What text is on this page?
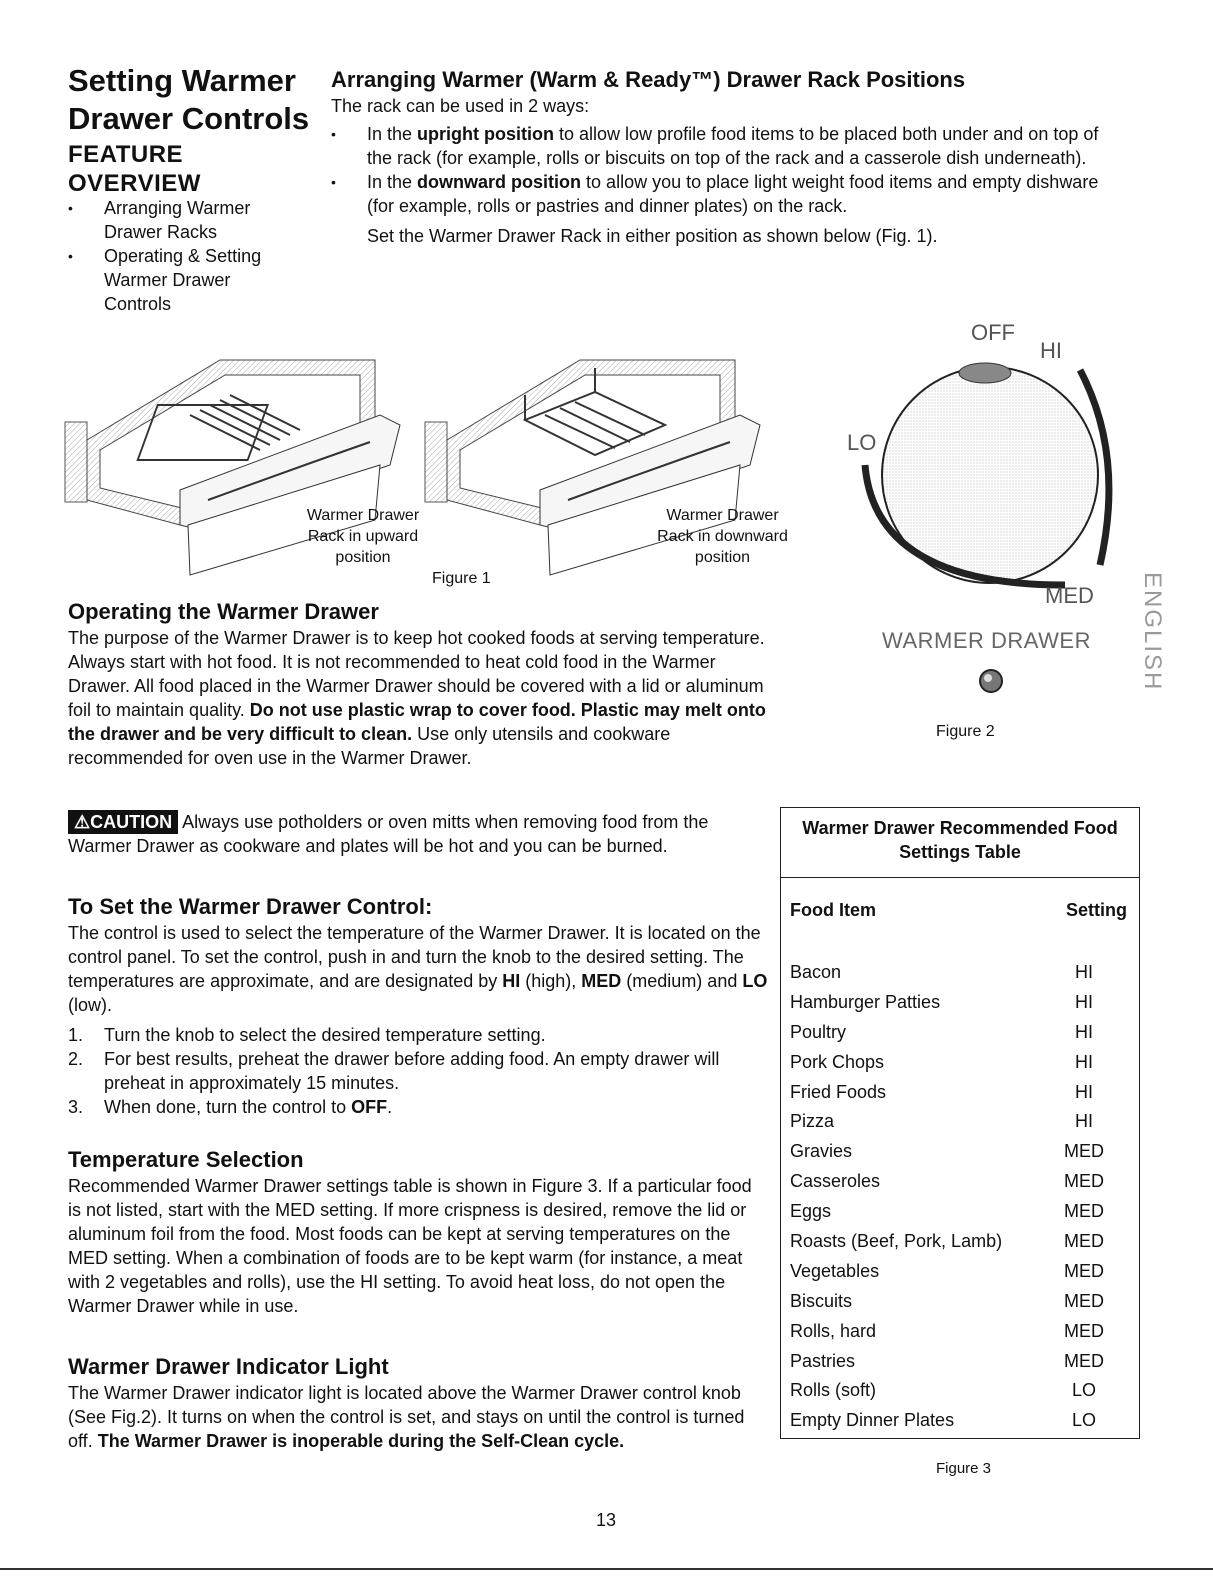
Setting Warmer
Drawer Controls
FEATURE
OVERVIEW
• Arranging Warmer
Drawer Racks
• Operating & Setting
Warmer Drawer
Controls
Arranging Warmer (Warm & Ready™) Drawer Rack Positions
The rack can be used in 2 ways:
• In the upright position to allow low profile food items to be placed both under and on top of the rack (for example, rolls or biscuits on top of the rack and a casserole dish underneath).
• In the downward position to allow you to place light weight food items and empty dishware (for example, rolls or pastries and dinner plates) on the rack.
Set the Warmer Drawer Rack in either position as shown below (Fig. 1).
Warmer Drawer
Rack in upward
position
Warmer Drawer
Rack in downward
position
Figure 1
OFF
HI
LO
MED
WARMER DRAWER
Figure 2
ENGLISH
Operating the Warmer Drawer

The purpose of the Warmer Drawer is to keep hot cooked foods at serving temperature. Always start with hot food. It is not recommended to heat cold food in the Warmer Drawer. All food placed in the Warmer Drawer should be covered with a lid or aluminum foil to maintain quality. Do not use plastic wrap to cover food. Plastic may melt onto the drawer and be very difficult to clean. Use only utensils and cookware recommended for oven use in the Warmer Drawer.

⚠CAUTION Always use potholders or oven mitts when removing food from the Warmer Drawer as cookware and plates will be hot and you can be burned.
To Set the Warmer Drawer Control:

The control is used to select the temperature of the Warmer Drawer. It is located on the control panel. To set the control, push in and turn the knob to the desired setting. The temperatures are approximate, and are designated by HI (high), MED (medium) and LO (low).

1. Turn the knob to select the desired temperature setting.
2. For best results, preheat the drawer before adding food. An empty drawer will preheat in approximately 15 minutes.
3. When done, turn the control to OFF.
Temperature Selection

Recommended Warmer Drawer settings table is shown in Figure 3. If a particular food is not listed, start with the MED setting. If more crispness is desired, remove the lid or aluminum foil from the food. Most foods can be kept at serving temperatures on the MED setting. When a combination of foods are to be kept warm (for instance, a meat with 2 vegetables and rolls), use the HI setting. To avoid heat loss, do not open the Warmer Drawer while in use.

Warmer Drawer Indicator Light

The Warmer Drawer indicator light is located above the Warmer Drawer control knob (See Fig.2). It turns on when the control is set, and stays on until the control is turned off. The Warmer Drawer is inoperable during the Self-Clean cycle.

Warmer Drawer Recommended Food
Settings Table
Food Item	Setting
Bacon	HI
Hamburger Patties	HI
Poultry	HI
Pork Chops	HI
Fried Foods	HI
Pizza	HI
Gravies	MED
Casseroles	MED
Eggs	MED
Roasts (Beef, Pork, Lamb)	MED
Vegetables	MED
Biscuits	MED
Rolls, hard	MED
Pastries	MED
Rolls (soft)	LO
Empty Dinner Plates	LO
Figure 3
13
